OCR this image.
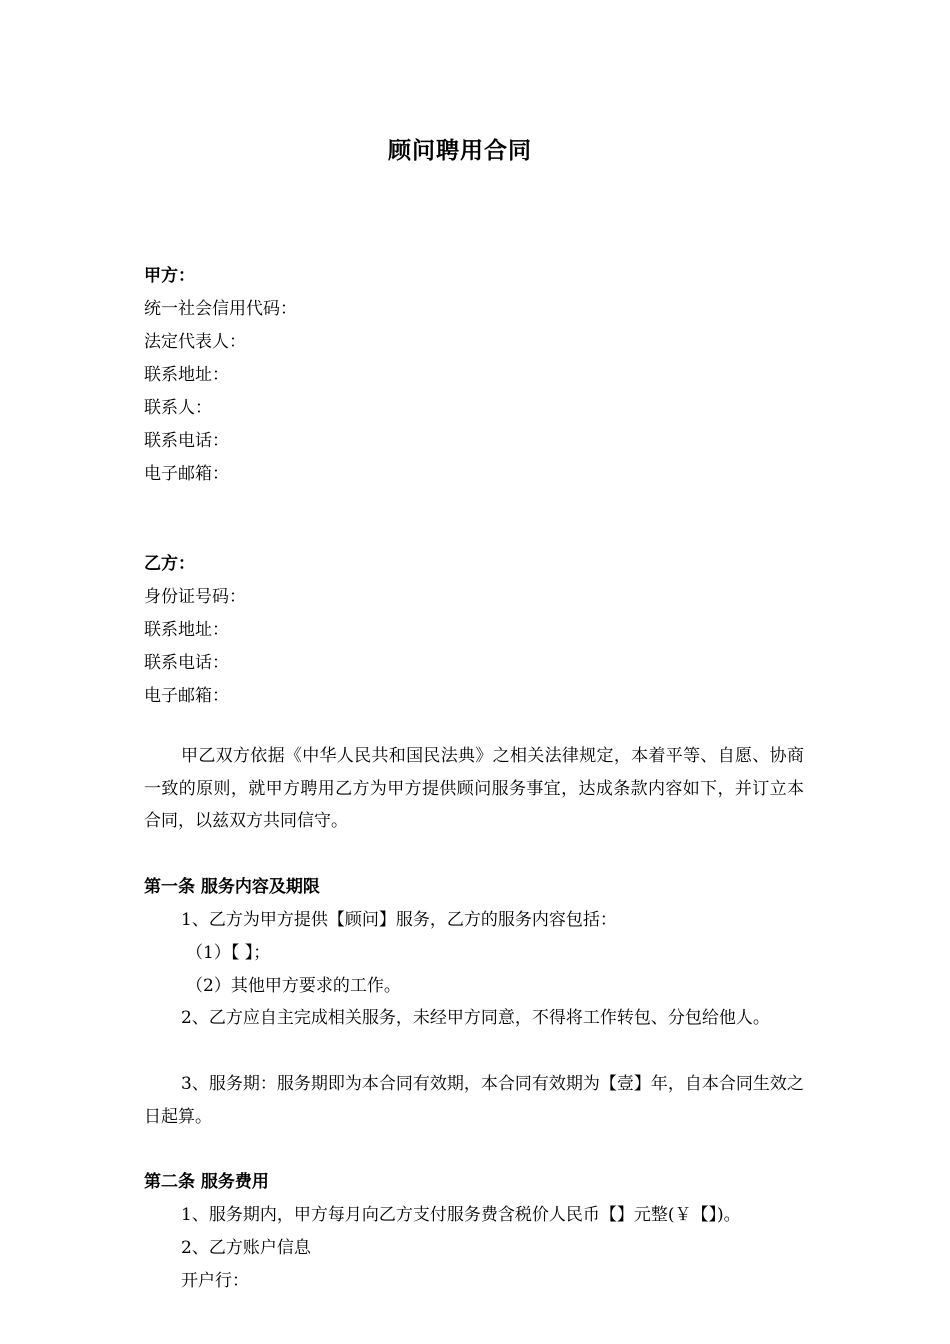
顾问聘用合同
甲方：
统一社会信用代码：
法定代表人：
联系地址：
联系人：
联系电话：
电子邮箱：
乙方：
身份证号码：
联系地址：
联系电话：
电子邮箱：
甲乙双方依据《中华人民共和国民法典》之相关法律规定，本着平等、自愿、协商一致的原则，就甲方聘用乙方为甲方提供顾问服务事宜，达成条款内容如下，并订立本合同，以兹双方共同信守。
第一条 服务内容及期限
1、乙方为甲方提供【顾问】服务，乙方的服务内容包括：
（1）【 】；
（2）其他甲方要求的工作。
2、乙方应自主完成相关服务，未经甲方同意，不得将工作转包、分包给他人。
3、服务期：服务期即为本合同有效期，本合同有效期为【壹】年，自本合同生效之日起算。
第二条 服务费用
1、服务期内，甲方每月向乙方支付服务费含税价人民币【】元整(￥【】)。
2、乙方账户信息
开户行：
